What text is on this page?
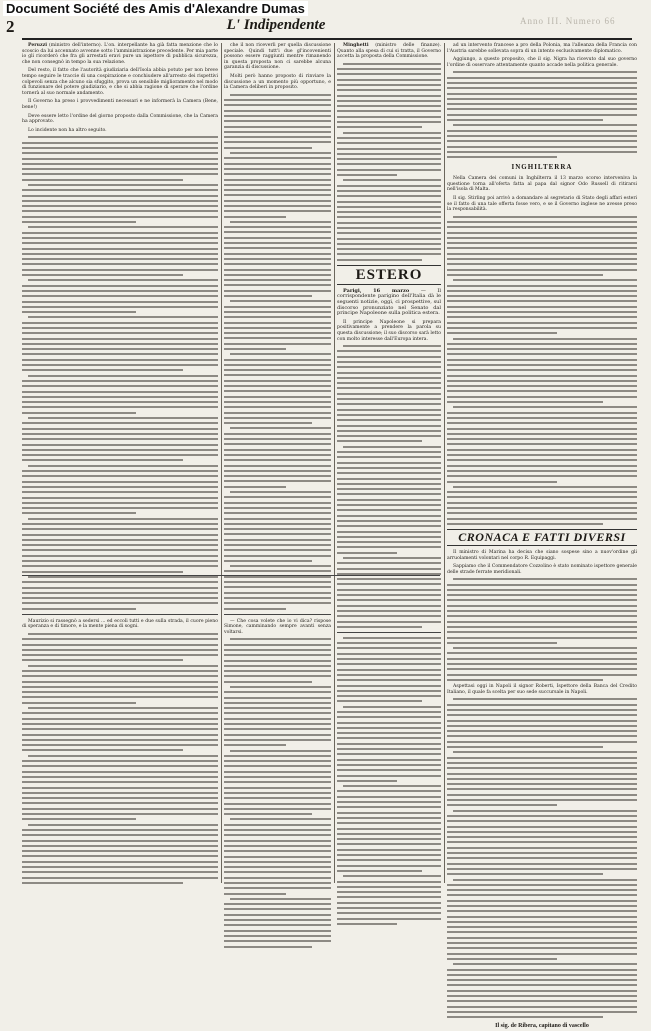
Document Société des Amis d'Alexandre Dumas
2	L' Indipendente	Anno III. Numero 66

Peruzzi (ministro dell'interno). L'on. interpellante ha già fatta menzione che lo scoscio da lui accennato avvenne sotto l'amministrazione precedente. Per mia parte io gli ricorderò che fra gli arrestati eravi pure un ispettore di pubblica sicurezza, che non consegnò in tempo la sua relazione.

Del resto, il fatto che l'autorità giudiziaria dell'Isola abbia potuto per non breve tempo seguire le traccie di una cospirazione e conchiudere all'arresto dei rispettivi colpevoli senza che alcuno sia sfuggito, prova un sensibile miglioramento nel modo di funzionare del potere giudiziario, e che si abbia ragione di sperare che l'ordine tornerà al suo normale andamento.

Il Governo ha preso i provvedimenti necessari e ne informerà la Camera (Bene, bene!)

Deve essere letto l'ordine del giorno proposto dalla Commissione, che la Camera ha approvato.

Lo incidente non ha altro seguito.

Maurizio si rassegnò a sedersi ... ed eccoli tutti e due sulla strada, il cuore pieno di speranza e di timore, e la mente piena di sogni.

che il non riceverli per quella discussione speciale. Quindi tutt'i due gl'incovenienti possono essere raggiunti mentre rimanendo in questa proposta non ci sarebbe alcuna garanzia di discussione.

Molti però hanno proposto di rinviare la discussione a un momento più opportuno, e la Camera deliberi in proposito.

— Che cosa volete che io vi dica? rispose Simone, camminando sempre avanti senza voltarsi.

Minghetti (ministro delle finanze). Quanto alla spesa di cui si tratta, il Governo accetta la proposta della Commissione.

ESTERO

Parigi, 16 marzo — Il corrispondente parigino dell'Italia dà le seguenti notizie, oggi, ci prospettive, sul discorso pronunziato nel Senato dal principe Napoleone sulla politica estera.

Il principe Napoleone si prepara positivamente a prendere la parola su questa discussione; il suo discorso sarà letto con molto interesse dall'Europa intera.

ad un intervento francese a pro della Polonia, ma l'alleanza della Francia con l'Austria sarebbe sollevata sopra di un intento esclusivamente diplomatico.

Aggiungo, a questo proposito, che il sig. Nigra ha ricevuto dal suo governo l'ordine di osservare attentamente quanto accade nella politica generale.

INGHILTERRA

Nella Camera dei comuni in Inghilterra il 13 marzo scorso interveniva la questione torna all'oferta fatta al papa dal signor Odo Russell di ritirarsi nell'isola di Malta.

Il sig. Stirling poi arrivò a domandare al segretario di Stato degli affari esteri se il fatto di una tale offerta fosse vero, e se il Governo inglese ne avesse preso la responsabilità.

CRONACA E FATTI DIVERSI

Il ministro di Marina ha decisa che siano sospese sino a nuov'ordine gli arruolamenti volontari nel corpo R. Equipaggi.

Sappiamo che il Commendatore Cozzolino è stato nominato ispettore generale delle strade ferrate meridionali.

Aspettasi oggi in Napoli il signor Roberti, Ispettore della Banca del Credito Italiano, il quale fa scelta per suo sede succursale in Napoli.

Il sig. de Ribera, capitano di vascello
